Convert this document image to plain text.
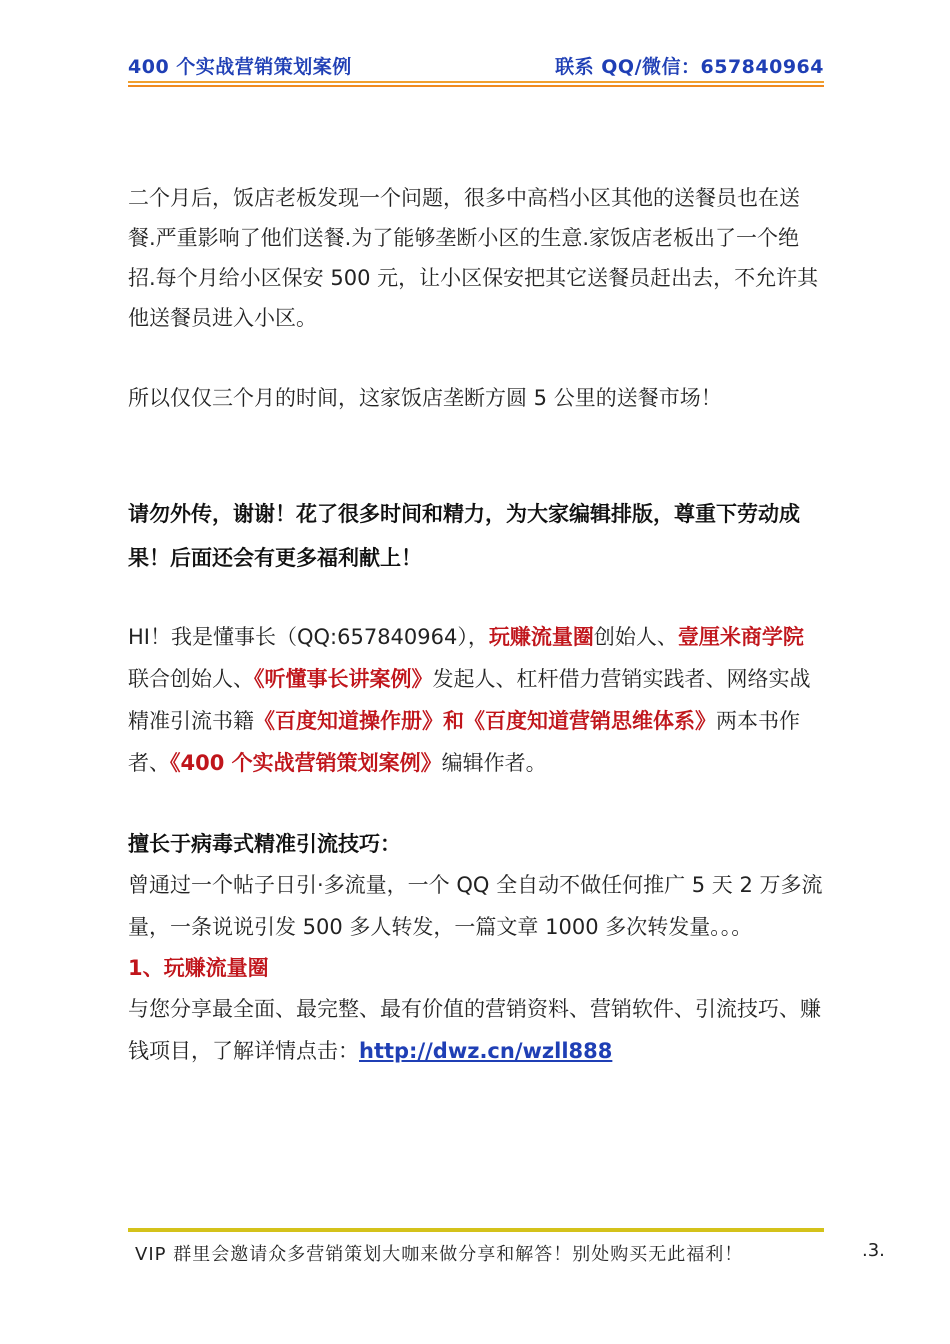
400 个实战营销策划案例	联系 QQ/微信：657840964

二个月后，饭店老板发现一个问题，很多中高档小区其他的送餐员也在送餐.严重影响了他们送餐.为了能够垄断小区的生意.家饭店老板出了一个绝招.每个月给小区保安 500 元，让小区保安把其它送餐员赶出去，不允许其他送餐员进入小区。

所以仅仅三个月的时间，这家饭店垄断方圆 5 公里的送餐市场！

请勿外传，谢谢！花了很多时间和精力，为大家编辑排版，尊重下劳动成果！后面还会有更多福利献上！

HI！我是懂事长（QQ:657840964），玩赚流量圈创始人、壹厘米商学院联合创始人、《听懂事长讲案例》发起人、杠杆借力营销实践者、网络实战精准引流书籍《百度知道操作册》和《百度知道营销思维体系》两本书作者、《400 个实战营销策划案例》编辑作者。

擅长于病毒式精准引流技巧：

曾通过一个帖子日引·多流量，一个 QQ 全自动不做任何推广 5 天 2 万多流量，一条说说引发 500 多人转发，一篇文章 1000 多次转发量。。。

1、玩赚流量圈

与您分享最全面、最完整、最有价值的营销资料、营销软件、引流技巧、赚钱项目，了解详情点击：http://dwz.cn/wzll888

VIP 群里会邀请众多营销策划大咖来做分享和解答！别处购买无此福利！	.3.
